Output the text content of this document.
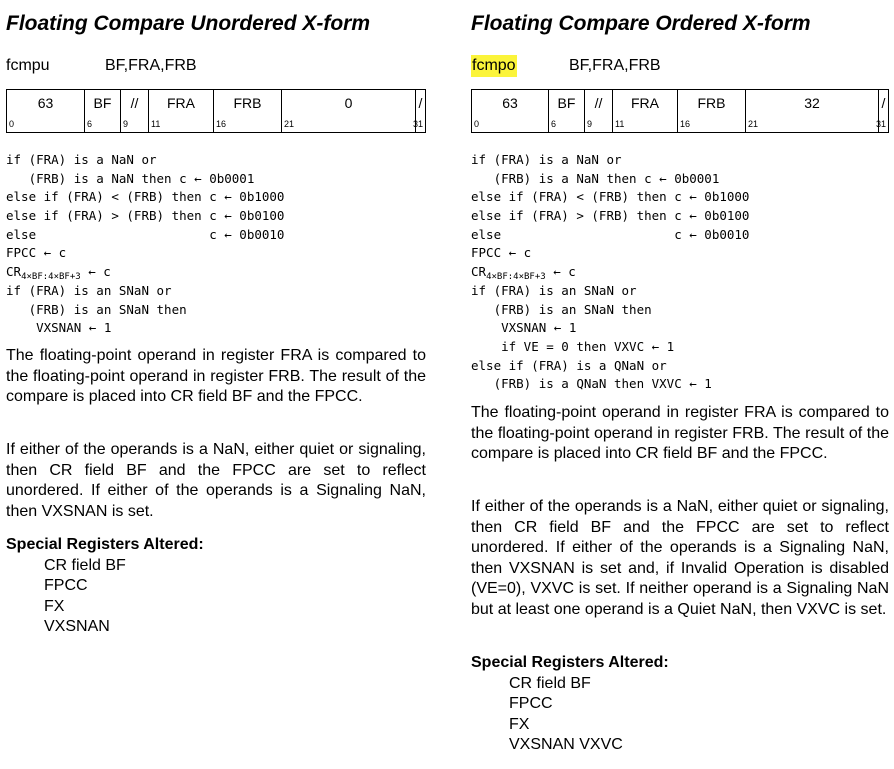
Floating Compare Unordered X-form
fcmpu	BF,FRA,FRB
63
0
BF
6
//
9
FRA
11
FRB
16
0
21
/
31
if (FRA) is a NaN or
(FRB) is a NaN then c ← 0b0001
else if (FRA) < (FRB) then c ← 0b1000
else if (FRA) > (FRB) then c ← 0b0100
else                       c ← 0b0010
FPCC ← c
$CR_{4\times BF:4\times BF+3}$ ← c
if (FRA) is an SNaN or
(FRB) is an SNaN then
VXSNAN ← 1

The floating-point operand in register FRA is compared to the floating-point operand in register FRB. The result of the compare is placed into CR field BF and the FPCC.

If either of the operands is a NaN, either quiet or signaling, then CR field BF and the FPCC are set to reflect unordered. If either of the operands is a Signaling NaN, then VXSNAN is set.

Special Registers Altered:
CR field BF
FPCC
FX
VXSNAN
Floating Compare Ordered X-form
fcmpo	BF,FRA,FRB
63
0
BF
6
//
9
FRA
11
FRB
16
32
21
/
31
if (FRA) is a NaN or
(FRB) is a NaN then c ← 0b0001
else if (FRA) < (FRB) then c ← 0b1000
else if (FRA) > (FRB) then c ← 0b0100
else                       c ← 0b0010
FPCC ← c
$CR_{4\times BF:4\times BF+3}$ ← c
if (FRA) is an SNaN or
(FRB) is an SNaN then
VXSNAN ← 1
if VE = 0 then VXVC ← 1
else if (FRA) is a QNaN or
(FRB) is a QNaN then VXVC ← 1

The floating-point operand in register FRA is compared to the floating-point operand in register FRB. The result of the compare is placed into CR field BF and the FPCC.

If either of the operands is a NaN, either quiet or signaling, then CR field BF and the FPCC are set to reflect unordered. If either of the operands is a Signaling NaN, then VXSNAN is set and, if Invalid Operation is disabled (VE=0), VXVC is set. If neither operand is a Signaling NaN but at least one operand is a Quiet NaN, then VXVC is set.

Special Registers Altered:
CR field BF
FPCC
FX
VXSNAN VXVC
